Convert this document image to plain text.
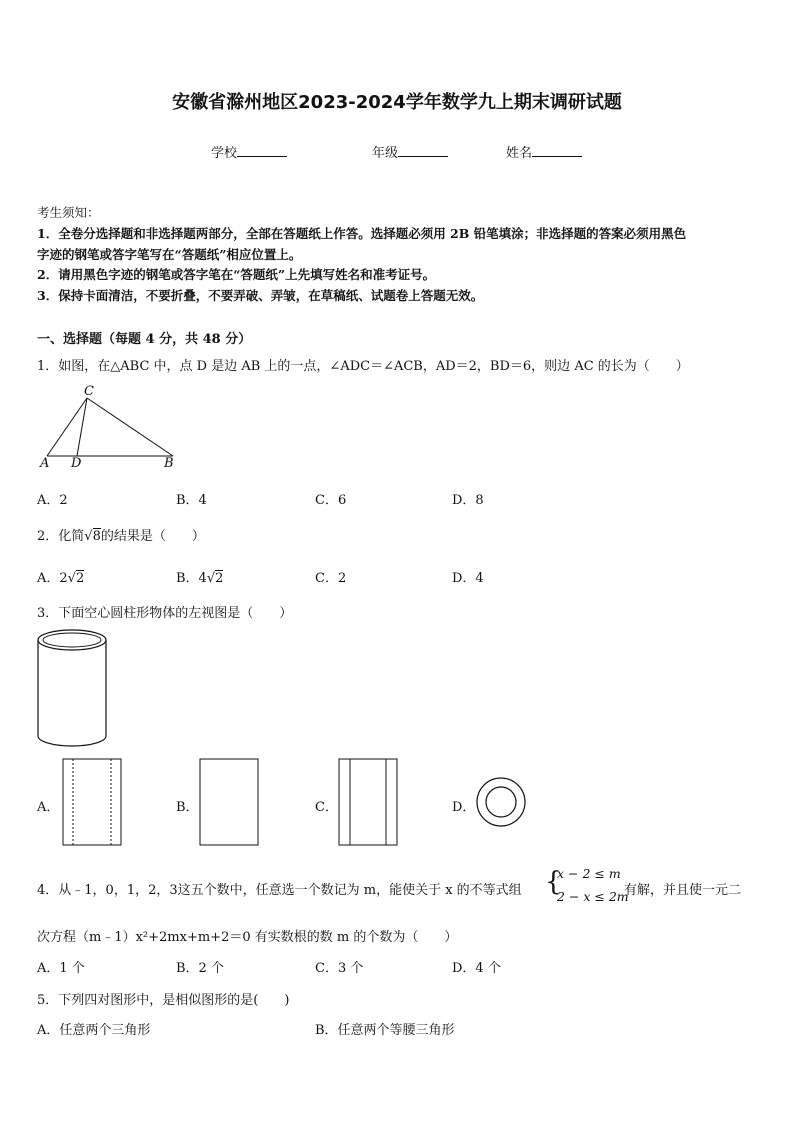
安徽省滁州地区2023-2024学年数学九上期末调研试题
学校	年级	姓名
考生须知：
1．全卷分选择题和非选择题两部分，全部在答题纸上作答。选择题必须用 2B 铅笔填涂；非选择题的答案必须用黑色
字迹的钢笔或答字笔写在“答题纸”相应位置上。
2．请用黑色字迹的钢笔或答字笔在“答题纸”上先填写姓名和准考证号。
3．保持卡面清洁，不要折叠，不要弄破、弄皱，在草稿纸、试题卷上答题无效。
一、选择题（每题 4 分，共 48 分）
1．如图，在△ABC 中，点 D 是边 AB 上的一点，∠ADC＝∠ACB，AD＝2，BD＝6，则边 AC 的长为（　　）
C
A D	B
A．2	B．4	C．6	D．8
2．化简√8的结果是（　　）
A．2√2	B．4√2	C．2	D．4
3．下面空心圆柱形物体的左视图是（　　）
A．	B．	C．	D．
4．从﹣1，0，1，2，3这五个数中，任意选一个数记为 m，能使关于 x 的不等式组 {
x − 2 ≤ m
2 − x ≤ 2m
有解，并且使一元二
次方程（m﹣1）x²+2mx+m+2＝0 有实数根的数 m 的个数为（　　）
A．1 个	B．2 个	C．3 个	D．4 个
5．下列四对图形中，是相似图形的是(　　)
A．任意两个三角形	B．任意两个等腰三角形
